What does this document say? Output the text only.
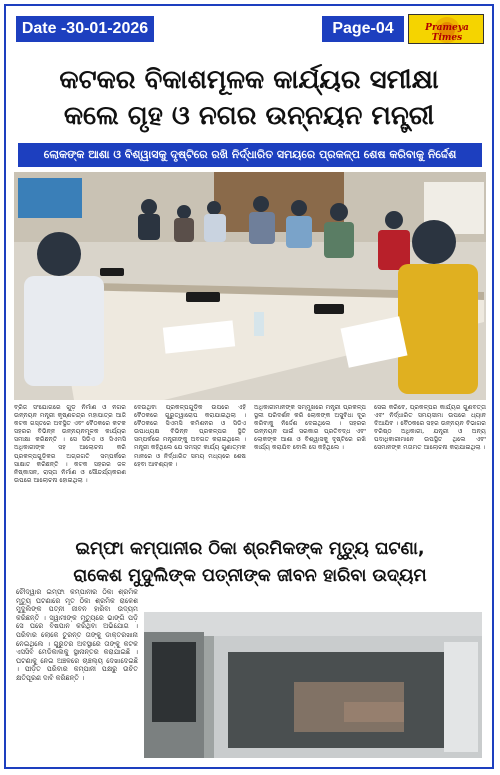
Date -30-01-2026	Page-04	Prameya Times
କଟକର ବିକାଶମୂଳକ କାର୍ଯ୍ୟର ସମୀକ୍ଷା
କଲେ ଗୃହ ଓ ନଗର ଉନ୍ନୟନ ମନ୍ତ୍ରୀ
ଲୋକଙ୍କ ଆଶା ଓ ବିଶ୍ୱାସକୁ ଦୃଷ୍ଟିରେ ରଖି ନିର୍ଦ୍ଧାରିତ ସମୟରେ ପ୍ରକଳ୍ପ ଶେଷ କରିବାକୁ ନିର୍ଦ୍ଦେଶ
ବ୍ରିଜ ସଂଯୋଗରେ ଗୁଡ଼ ନିର୍ମାଣ ଓ ନଗର ଉନ୍ନୟନ ମନ୍ତ୍ରୀ କୃଷ୍ଣଚନ୍ଦ୍ର ମହାପାତ୍ର ଆଜି କଟକ ଗସ୍ତରେ ଅବସ୍ଥିତ ଏବଂ ବୈଠକରେ କଟକ ସହରର ବିଭିନ୍ନ ଉନ୍ନୟନମୂଳକ କାର୍ଯ୍ୟର ସମୀକ୍ଷା କରିଛନ୍ତି । ସେ ସିଡିଏ ଓ ସିଏମସି ଅଧିକାରୀଙ୍କ ସହ ଆଲୋଚନା କରି ପ୍ରକଳ୍ପଗୁଡ଼ିକର ଅଗ୍ରଗତି ସମ୍ପର୍କରେ ସାକ୍ଷାତ କରିଛନ୍ତି । କଟକ ସହରର ଜଳ ନିଷ୍କାସନ, ରାସ୍ତା ନିର୍ମାଣ ଓ ସୌନ୍ଦର୍ଯ୍ୟକରଣ ଉପରେ ଆଲୋଚନା ହୋଇଥିଲା ।
ଦେଉଥିବା ପ୍ରକଳ୍ପଗୁଡ଼ିକ ଉପରେ ଏହି ବୈଠକରେ ଗୁରୁତ୍ୱାରୋପ କରାଯାଇଥିଲା । ବୈଠକରେ ସିଏମସି କମିଶନର ଓ ସିଡିଏ ଉପାଧ୍ୟକ୍ଷ ବିଭିନ୍ନ ପ୍ରକଳ୍ପର ସ୍ଥିତି ସମ୍ପର୍କରେ ମନ୍ତ୍ରୀଙ୍କୁ ଅବଗତ କରାଇଥିଲେ । ମନ୍ତ୍ରୀ କହିଥିଲେ ଯେ ସମସ୍ତ କାର୍ଯ୍ୟ ଗୁଣାତ୍ମକ ମାନରେ ଓ ନିର୍ଦ୍ଧାରିତ ସମୟ ମଧ୍ୟରେ ଶେଷ ହେବା ଆବଶ୍ୟକ ।
ଅଧିକାରୀମାନଙ୍କ ସମ୍ମୁଖରେ ମନ୍ତ୍ରୀ ପ୍ରକଳ୍ପ ସ୍ଥଳୀ ପରିଦର୍ଶନ କରି ଲୋକଙ୍କ ଅସୁବିଧା ଦୂର କରିବାକୁ ନିର୍ଦ୍ଦେଶ ଦେଇଥିଲେ । ସହରର ଉନ୍ନୟନ ପାଇଁ ସରକାର ପ୍ରତିବଦ୍ଧ ଏବଂ ଲୋକଙ୍କ ଆଶା ଓ ବିଶ୍ୱାସକୁ ଦୃଷ୍ଟିରେ ରଖି କାର୍ଯ୍ୟ କରାଯିବ ବୋଲି ସେ କହିଥିଲେ ।
ସେଇ କରିବେ, ପ୍ରକଳ୍ପର କାର୍ଯ୍ୟର ଗୁଣବତ୍ତା ଏବଂ ନିର୍ଦ୍ଧାରିତ ସମୟସୀମା ଉପରେ ଧ୍ୟାନ ଦିଆଯିବ । ବୈଠକରେ ସହର ଉନ୍ନୟନ ବିଭାଗର ବରିଷ୍ଠ ଅଧିକାରୀ, ଯନ୍ତ୍ରୀ ଓ ଅନ୍ୟ ପଦାଧିକାରୀମାନେ ଉପସ୍ଥିତ ଥିଲେ ଏବଂ ସେମାନଙ୍କ ମତାମତ ଆଲୋଚନା କରାଯାଇଥିଲା ।
ଇମ୍ଫା କମ୍ପାନୀର ଠିକା ଶ୍ରମିକଙ୍କ ମୃତ୍ୟୁ ଘଟଣା,
ରାକେଶ ମୁଦୁଲିଙ୍କ ପତ୍ନୀଙ୍କ ଜୀବନ ହାରିବା ଉଦ୍ୟମ
ଚୌଦ୍ୱାର ଇମ୍ଫା କମ୍ପାନୀର ଠିକା ଶ୍ରମିକ ମୃତ୍ୟୁ ଘଟଣାରେ ମୃତ ଠିକା ଶ୍ରମିକ ରାକେଶ ମୁଦୁଲିଙ୍କ ପତ୍ନୀ ଜୀବନ ହାରିବା ଉଦ୍ୟମ କରିଛନ୍ତି । ସ୍ୱାମୀଙ୍କ ମୃତ୍ୟୁରେ ଭାଙ୍ଗି ପଡ଼ି ସେ ଘରେ ବିଷପାନ କରିଥିବା ଅଭିଯୋଗ । ପରିବାର ଲୋକେ ତୁରନ୍ତ ତାଙ୍କୁ ଡାକ୍ତରଖାନା ନେଇଥିଲେ । ଗୁରୁତର ଅବସ୍ଥାରେ ତାଙ୍କୁ କଟକ ଏସସିବି ମେଡିକାଲକୁ ସ୍ଥାନାନ୍ତର କରାଯାଇଛି । ଘଟଣାକୁ ନେଇ ଅଞ୍ଚଳରେ ଚାଞ୍ଚଲ୍ୟ ଦେଖାଦେଇଛି । ପୀଡ଼ିତ ପରିବାର କମ୍ପାନୀ ପକ୍ଷରୁ ଉଚିତ କ୍ଷତିପୂରଣ ଦାବି କରିଛନ୍ତି ।
